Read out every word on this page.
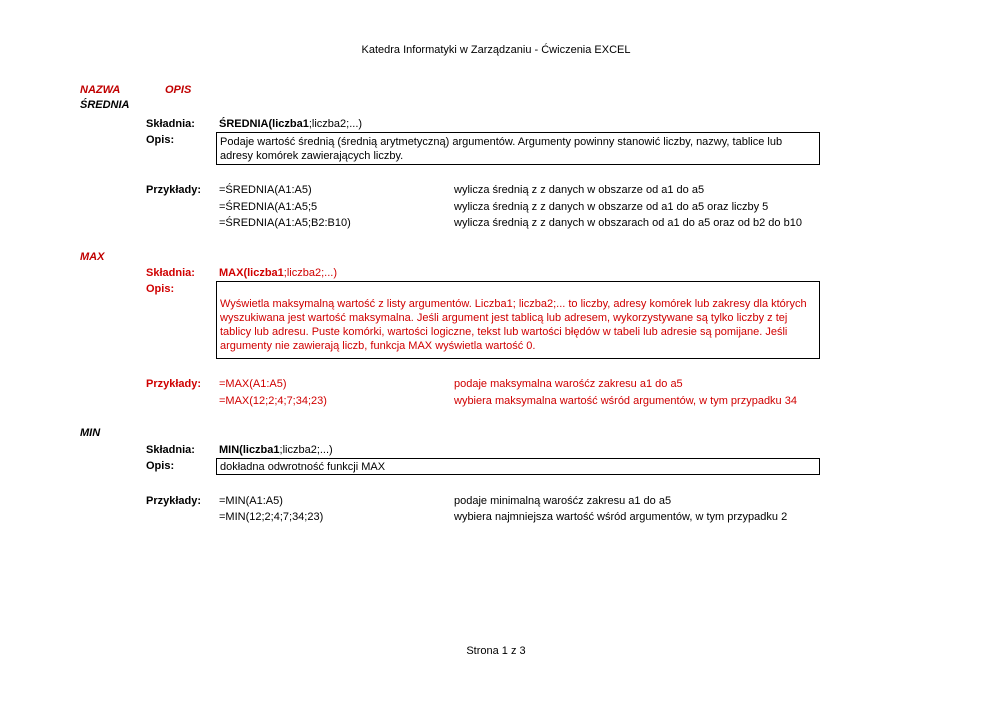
Katedra Informatyki w Zarządzaniu - Ćwiczenia EXCEL
NAZWA	OPIS
ŚREDNIA
Składnia: ŚREDNIA(liczba1;liczba2;...)
Opis:	Podaje wartość średnią (średnią arytmetyczną) argumentów. Argumenty powinny stanowić liczby, nazwy, tablice lub adresy komórek zawierających liczby.
Przykłady: =ŚREDNIA(A1:A5)	wylicza średnią z z danych w obszarze od a1 do a5
=ŚREDNIA(A1:A5;5	wylicza średnią z z danych w obszarze od a1 do a5 oraz liczby 5
=ŚREDNIA(A1:A5;B2:B10)	wylicza średnią z z danych w obszarach od a1 do a5 oraz od b2 do b10
MAX
Składnia: MAX(liczba1;liczba2;...)
Opis:
Wyświetla maksymalną wartość z listy argumentów. Liczba1; liczba2;... to liczby, adresy komórek lub zakresy dla których wyszukiwana jest wartość maksymalna. Jeśli argument jest tablicą lub adresem, wykorzystywane są tylko liczby z tej tablicy lub adresu. Puste komórki, wartości logiczne, tekst lub wartości błędów w tabeli lub adresie są pomijane. Jeśli argumenty nie zawierają liczb, funkcja MAX wyświetla wartość 0.
Przykłady: =MAX(A1:A5)	podaje maksymalna warośćz zakresu a1 do a5
=MAX(12;2;4;7;34;23)	wybiera maksymalna wartość wśród argumentów, w tym przypadku 34
MIN
Składnia: MIN(liczba1;liczba2;...)
Opis:	dokładna odwrotność funkcji MAX
Przykłady: =MIN(A1:A5)	podaje minimalną warośćz zakresu a1 do a5
=MIN(12;2;4;7;34;23)	wybiera najmniejsza wartość wśród argumentów, w tym przypadku 2
Strona 1 z 3
